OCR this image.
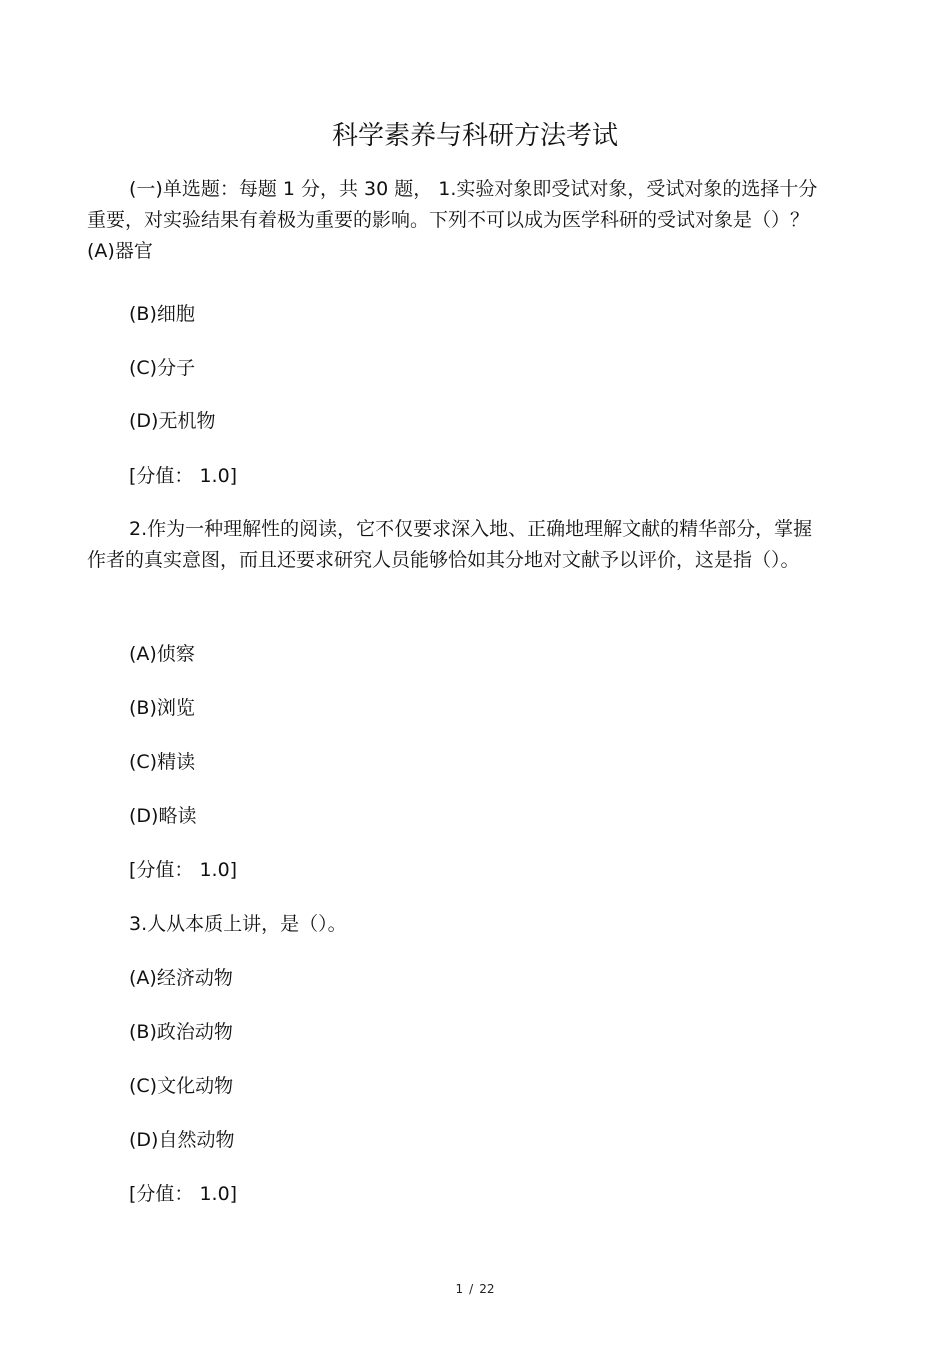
科学素养与科研方法考试

(一)单选题：每题 1 分，共 30 题， 1.实验对象即受试对象，受试对象的选择十分重要，对实验结果有着极为重要的影响。下列不可以成为医学科研的受试对象是（）？ (A)器官

(B)细胞
(C)分子
(D)无机物
[分值： 1.0]

2.作为一种理解性的阅读，它不仅要求深入地、正确地理解文献的精华部分，掌握作者的真实意图，而且还要求研究人员能够恰如其分地对文献予以评价，这是指（）。

(A)侦察
(B)浏览
(C)精读
(D)略读
[分值： 1.0]
3.人从本质上讲，是（）。
(A)经济动物
(B)政治动物
(C)文化动物
(D)自然动物
[分值： 1.0]
1 / 22
